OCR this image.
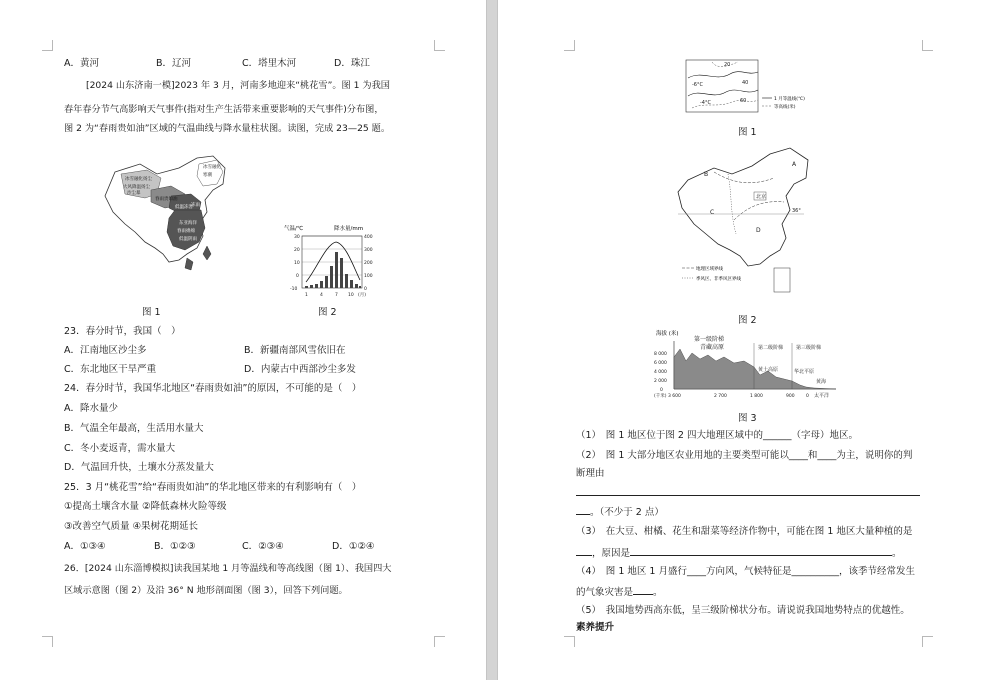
A．黄河	B．辽河	C．塔里木河	D．珠江
[2024 山东济南一模]2023 年 3 月，河南多地迎来“桃花雪”。图 1 为我国
春年春分节气高影响天气事件(指对生产生活带来重要影响的天气事件)分布图，
图 2 为“春雨贵如油”区域的气温曲线与降水量柱状图。读图，完成 23—25 题。
冰雪融化扬尘
大风降温扬尘
沙尘暴
春雨贵如油
低温冻害
冻雨
寒潮
东亚海洋
春雨绵绵
低温阴雨
冰雪融化
图 1
气温/℃	降水量/mm
30
20
10
0
-10
400
300
200
100
0
1	4	7 10 (月)
图 2
23．春分时节，我国（　）
A．江南地区沙尘多	B．新疆南部风雪依旧在
C．东北地区干旱严重	D．内蒙古中西部沙尘多发
24．春分时节，我国华北地区“春雨贵如油”的原因，不可能的是（　）
A．降水量少
B．气温全年最高，生活用水量大
C．冬小麦返青，需水量大
D．气温回升快，土壤水分蒸发量大
25．3 月“桃花雪”给“春雨贵如油”的华北地区带来的有利影响有（　）
①提高土壤含水量 ②降低森林火险等级
③改善空气质量 ④果树花期延长
A．①③④	B．①②③	C．②③④	D．①②④
26．[2024 山东淄博模拟]读我国某地 1 月等温线和等高线图（图 1）、我国四大
区域示意图（图 2）及沿 36° N 地形剖面图（图 3），回答下列问题。
20
-6°C
-4°C	60
40
1 月等温线(℃)
等高线(米)
图 1
B
A
C
D
北京
36°
地理区域界线
季风区、非季风区界线
图 2
海拔 (米)
8 000
6 000
4 000
2 000
0
第一级阶梯
青藏高原	第二级阶梯
黄土高原
第三级阶梯
华北平原
黄海
太平洋
(千米) 3 600	2 700	1 800	900	0
图 3
（1）　图 1 地区位于图 2 四大地理区域中的______（字母）地区。
（2）　图 1 大部分地区农业用地的主要类型可能以____和____为主，说明你的判
断理由
。（不少于 2 点）
（3）　在大豆、柑橘、花生和甜菜等经济作物中，可能在图 1 地区大量种植的是
，原因是	。
（4）　图 1 地区 1 月盛行____方向风，气候特征是__________，该季节经常发生
的气象灾害是 。
（5）　我国地势西高东低，呈三级阶梯状分布。请说说我国地势特点的优越性。
素养提升
